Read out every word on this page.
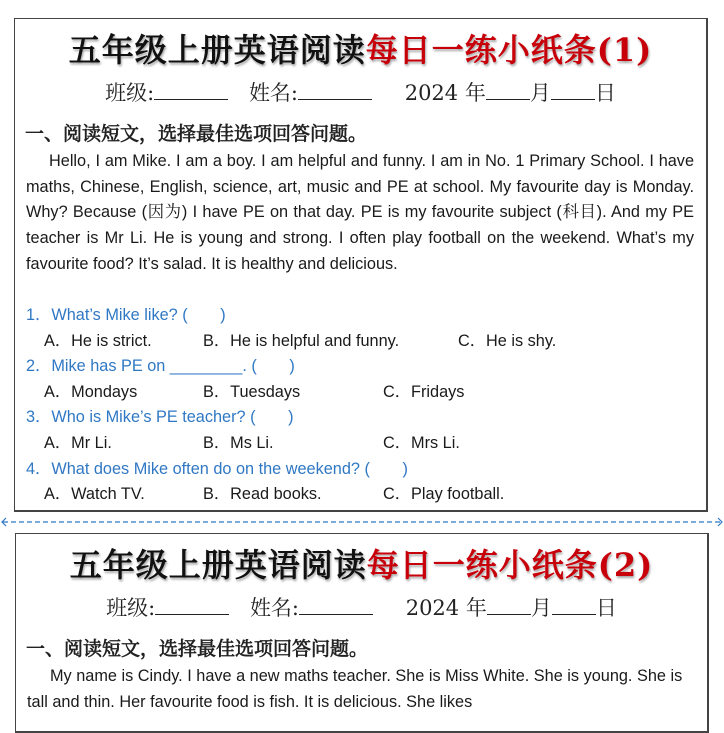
五年级上册英语阅读每日一练小纸条(1)
班级:	姓名:	2024 年 月 日
一、阅读短文，选择最佳选项回答问题。
Hello, I am Mike. I am a boy. I am helpful and funny. I am in No. 1 Primary School. I have maths, Chinese, English, science, art, music and PE at school. My favourite day is Monday. Why? Because (因为) I have PE on that day. PE is my favourite subject (科目). And my PE teacher is Mr Li. He is young and strong. I often play football on the weekend. What’s my favourite food? It’s salad. It is healthy and delicious.
1．What’s Mike like? (　　)
A．He is strict.	B．He is helpful and funny.	C．He is shy.
2．Mike has PE on ________. (　　)
A．Mondays	B．Tuesdays	C．Fridays
3．Who is Mike’s PE teacher? (　　)
A．Mr Li.	B．Ms Li.	C．Mrs Li.
4．What does Mike often do on the weekend? (　　)
A．Watch TV.	B．Read books.	C．Play football.
五年级上册英语阅读每日一练小纸条(2)
班级:	姓名:	2024 年 月 日
一、阅读短文，选择最佳选项回答问题。
My name is Cindy. I have a new maths teacher. She is Miss White. She is young. She is tall and thin. Her favourite food is fish. It is delicious. She likes
